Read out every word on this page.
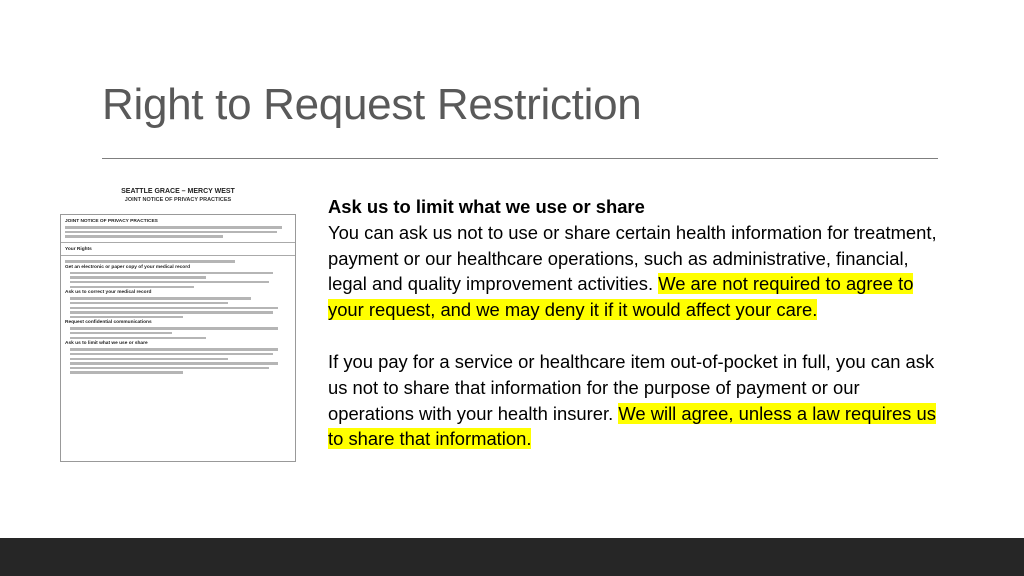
Right to Request Restriction
SEATTLE GRACE – MERCY WEST
JOINT NOTICE OF PRIVACY PRACTICES
JOINT NOTICE OF PRIVACY PRACTICES
Your Rights
Get an electronic or paper copy of your medical record
Ask us to correct your medical record
Request confidential communications
Ask us to limit what we use or share

Ask us to limit what we use or share

You can ask us not to use or share certain health information for treatment, payment or our healthcare operations, such as administrative, financial, legal and quality improvement activities. We are not required to agree to your request, and we may deny it if it would affect your care.

If you pay for a service or healthcare item out-of-pocket in full, you can ask us not to share that information for the purpose of payment or our operations with your health insurer. We will agree, unless a law requires us to share that information.
